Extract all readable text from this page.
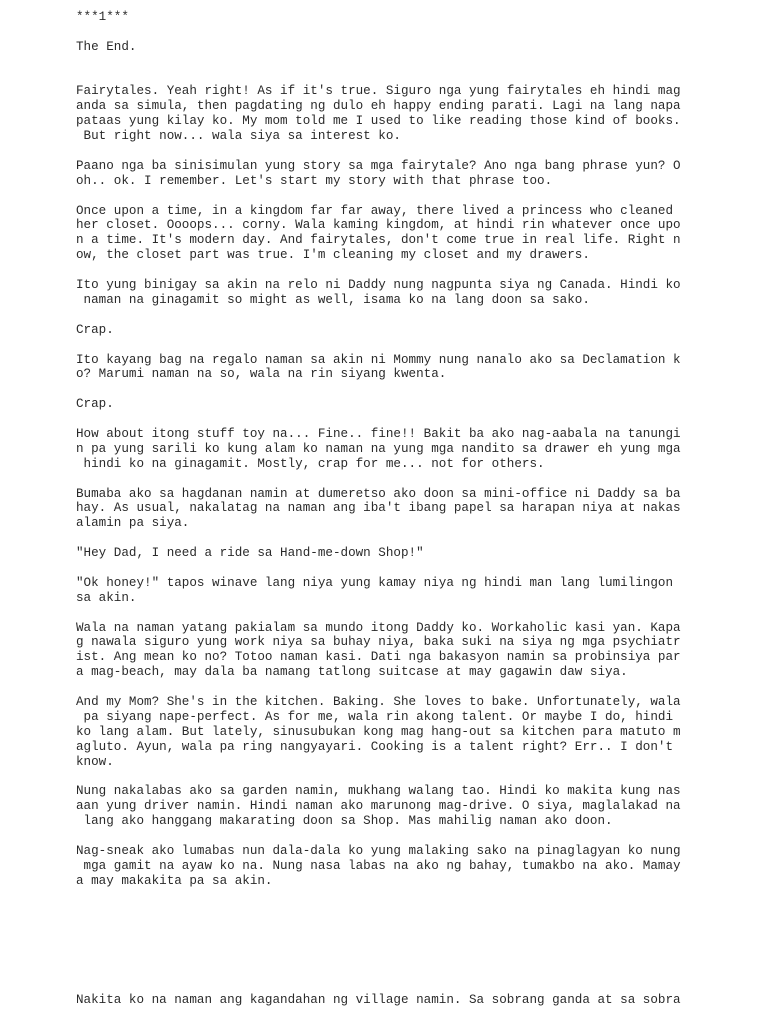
***1***
The End.
Fairytales. Yeah right! As if it's true. Siguro nga yung fairytales eh hindi mag
anda sa simula, then pagdating ng dulo eh happy ending parati. Lagi na lang napa
pataas yung kilay ko. My mom told me I used to like reading those kind of books.
But right now... wala siya sa interest ko.
Paano nga ba sinisimulan yung story sa mga fairytale? Ano nga bang phrase yun? O
oh.. ok. I remember. Let's start my story with that phrase too.
Once upon a time, in a kingdom far far away, there lived a princess who cleaned
her closet. Oooops... corny. Wala kaming kingdom, at hindi rin whatever once upo
n a time. It's modern day. And fairytales, don't come true in real life. Right n
ow, the closet part was true. I'm cleaning my closet and my drawers.
Ito yung binigay sa akin na relo ni Daddy nung nagpunta siya ng Canada. Hindi ko
naman na ginagamit so might as well, isama ko na lang doon sa sako.
Crap.
Ito kayang bag na regalo naman sa akin ni Mommy nung nanalo ako sa Declamation k
o? Marumi naman na so, wala na rin siyang kwenta.
Crap.
How about itong stuff toy na... Fine.. fine!! Bakit ba ako nag-aabala na tanungi
n pa yung sarili ko kung alam ko naman na yung mga nandito sa drawer eh yung mga
hindi ko na ginagamit. Mostly, crap for me... not for others.
Bumaba ako sa hagdanan namin at dumeretso ako doon sa mini-office ni Daddy sa ba
hay. As usual, nakalatag na naman ang iba't ibang papel sa harapan niya at nakas
alamin pa siya.
"Hey Dad, I need a ride sa Hand-me-down Shop!"
"Ok honey!" tapos winave lang niya yung kamay niya ng hindi man lang lumilingon
sa akin.
Wala na naman yatang pakialam sa mundo itong Daddy ko. Workaholic kasi yan. Kapa
g nawala siguro yung work niya sa buhay niya, baka suki na siya ng mga psychiatr
ist. Ang mean ko no? Totoo naman kasi. Dati nga bakasyon namin sa probinsiya par
a mag-beach, may dala ba namang tatlong suitcase at may gagawin daw siya.
And my Mom? She's in the kitchen. Baking. She loves to bake. Unfortunately, wala
pa siyang nape-perfect. As for me, wala rin akong talent. Or maybe I do, hindi
ko lang alam. But lately, sinusubukan kong mag hang-out sa kitchen para matuto m
agluto. Ayun, wala pa ring nangyayari. Cooking is a talent right? Err.. I don't
know.
Nung nakalabas ako sa garden namin, mukhang walang tao. Hindi ko makita kung nas
aan yung driver namin. Hindi naman ako marunong mag-drive. O siya, maglalakad na
lang ako hanggang makarating doon sa Shop. Mas mahilig naman ako doon.
Nag-sneak ako lumabas nun dala-dala ko yung malaking sako na pinaglagyan ko nung
mga gamit na ayaw ko na. Nung nasa labas na ako ng bahay, tumakbo na ako. Mamay
a may makakita pa sa akin.
Nakita ko na naman ang kagandahan ng village namin. Sa sobrang ganda at sa sobra
